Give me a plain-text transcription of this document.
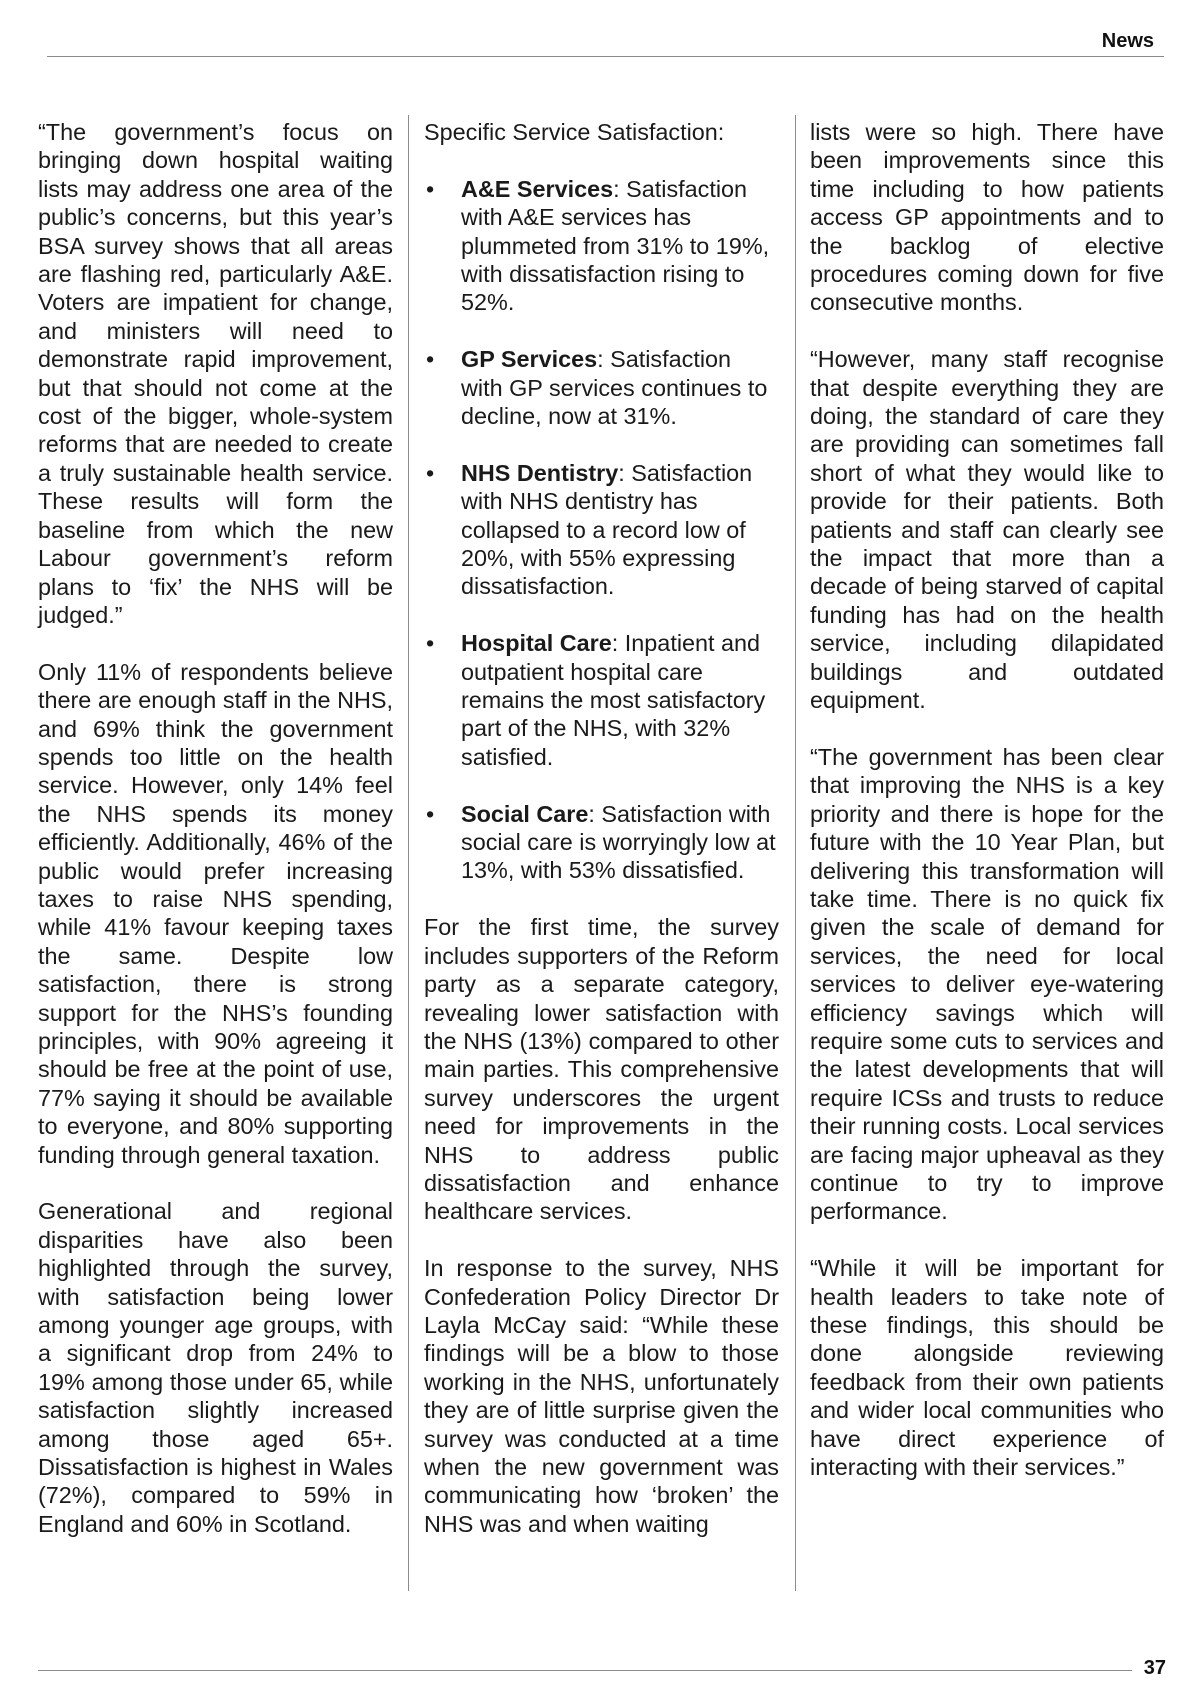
News

“The government’s focus on bringing down hospital waiting lists may address one area of the public’s concerns, but this year’s BSA survey shows that all areas are flashing red, particularly A&E. Voters are impatient for change, and ministers will need to demonstrate rapid improvement, but that should not come at the cost of the bigger, whole-system reforms that are needed to create a truly sustainable health service. These results will form the baseline from which the new Labour government’s reform plans to ‘fix’ the NHS will be judged.”

Only 11% of respondents believe there are enough staff in the NHS, and 69% think the government spends too little on the health service. However, only 14% feel the NHS spends its money efficiently. Additionally, 46% of the public would prefer increasing taxes to raise NHS spending, while 41% favour keeping taxes the same. Despite low satisfaction, there is strong support for the NHS’s founding principles, with 90% agreeing it should be free at the point of use, 77% saying it should be available to everyone, and 80% supporting funding through general taxation.

Generational and regional disparities have also been highlighted through the survey, with satisfaction being lower among younger age groups, with a significant drop from 24% to 19% among those under 65, while satisfaction slightly increased among those aged 65+. Dissatisfaction is highest in Wales (72%), compared to 59% in England and 60% in Scotland.

Specific Service Satisfaction:

• A&E Services: Satisfaction with A&E services has plummeted from 31% to 19%, with dissatisfaction rising to 52%.
• GP Services: Satisfaction with GP services continues to decline, now at 31%.
• NHS Dentistry: Satisfaction with NHS dentistry has collapsed to a record low of 20%, with 55% expressing dissatisfaction.
• Hospital Care: Inpatient and outpatient hospital care remains the most satisfactory part of the NHS, with 32% satisfied.
• Social Care: Satisfaction with social care is worryingly low at 13%, with 53% dissatisfied.

For the first time, the survey includes supporters of the Reform party as a separate category, revealing lower satisfaction with the NHS (13%) compared to other main parties. This comprehensive survey underscores the urgent need for improvements in the NHS to address public dissatisfaction and enhance healthcare services.

In response to the survey, NHS Confederation Policy Director Dr Layla McCay said: “While these findings will be a blow to those working in the NHS, unfortunately they are of little surprise given the survey was conducted at a time when the new government was communicating how ‘broken’ the NHS was and when waiting

lists were so high. There have been improvements since this time including to how patients access GP appointments and to the backlog of elective procedures coming down for five consecutive months.

“However, many staff recognise that despite everything they are doing, the standard of care they are providing can sometimes fall short of what they would like to provide for their patients. Both patients and staff can clearly see the impact that more than a decade of being starved of capital funding has had on the health service, including dilapidated buildings and outdated equipment.

“The government has been clear that improving the NHS is a key priority and there is hope for the future with the 10 Year Plan, but delivering this transformation will take time. There is no quick fix given the scale of demand for services, the need for local services to deliver eye-watering efficiency savings which will require some cuts to services and the latest developments that will require ICSs and trusts to reduce their running costs. Local services are facing major upheaval as they continue to try to improve performance.

“While it will be important for health leaders to take note of these findings, this should be done alongside reviewing feedback from their own patients and wider local communities who have direct experience of interacting with their services.”

37
